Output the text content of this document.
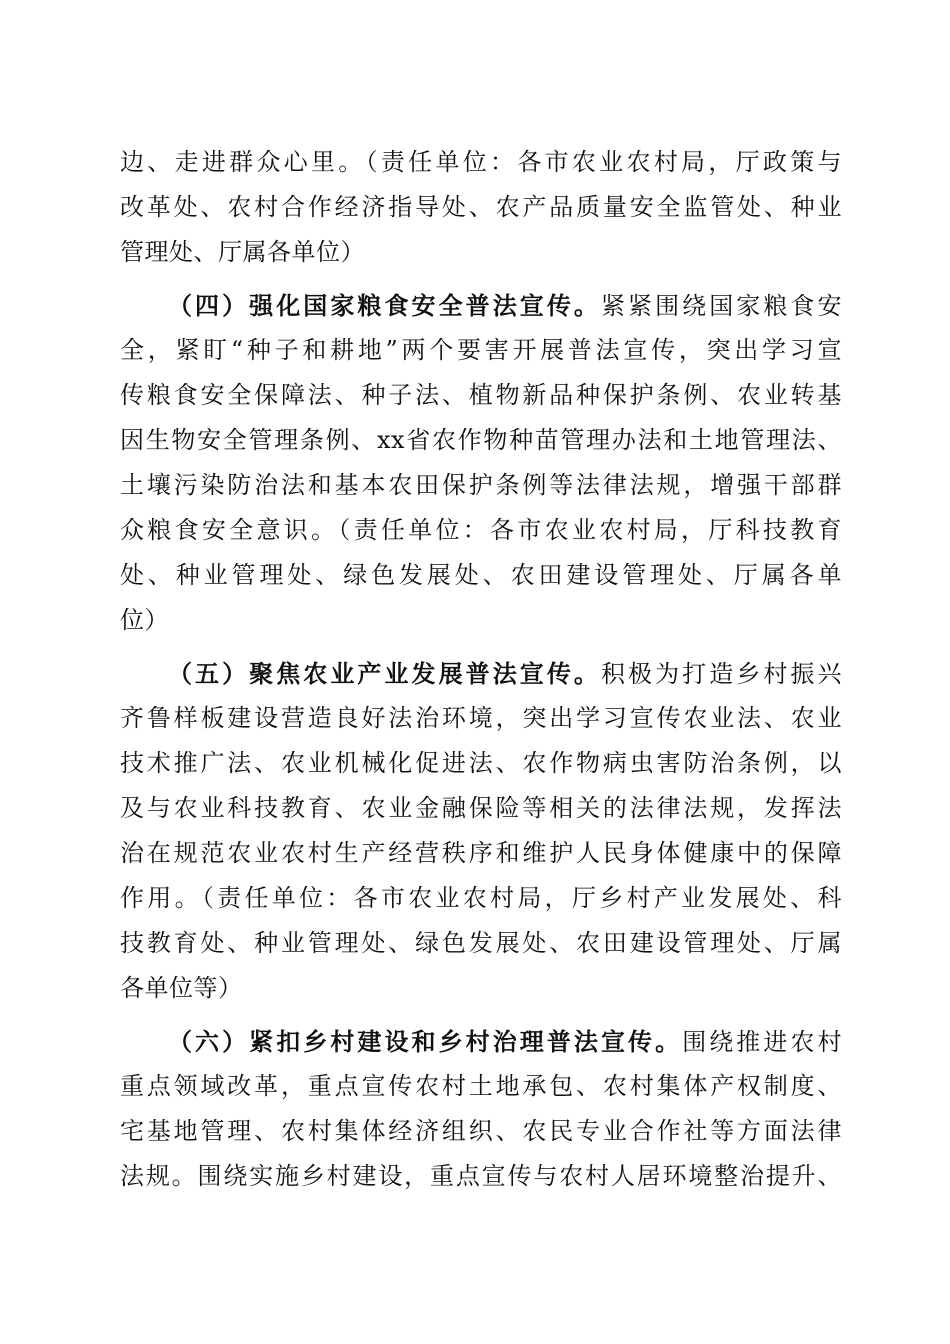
边、走进群众心里。（责任单位：各市农业农村局，厅政策与
改革处、农村合作经济指导处、农产品质量安全监管处、种业
管理处、厅属各单位）
（四）强化国家粮食安全普法宣传。紧紧围绕国家粮食安
全，紧盯“种子和耕地”两个要害开展普法宣传，突出学习宣
传粮食安全保障法、种子法、植物新品种保护条例、农业转基
因生物安全管理条例、xx省农作物种苗管理办法和土地管理法、
土壤污染防治法和基本农田保护条例等法律法规，增强干部群
众粮食安全意识。（责任单位：各市农业农村局，厅科技教育
处、种业管理处、绿色发展处、农田建设管理处、厅属各单
位）
（五）聚焦农业产业发展普法宣传。积极为打造乡村振兴
齐鲁样板建设营造良好法治环境，突出学习宣传农业法、农业
技术推广法、农业机械化促进法、农作物病虫害防治条例，以
及与农业科技教育、农业金融保险等相关的法律法规，发挥法
治在规范农业农村生产经营秩序和维护人民身体健康中的保障
作用。（责任单位：各市农业农村局，厅乡村产业发展处、科
技教育处、种业管理处、绿色发展处、农田建设管理处、厅属
各单位等）
（六）紧扣乡村建设和乡村治理普法宣传。围绕推进农村
重点领域改革，重点宣传农村土地承包、农村集体产权制度、
宅基地管理、农村集体经济组织、农民专业合作社等方面法律
法规。围绕实施乡村建设，重点宣传与农村人居环境整治提升、
